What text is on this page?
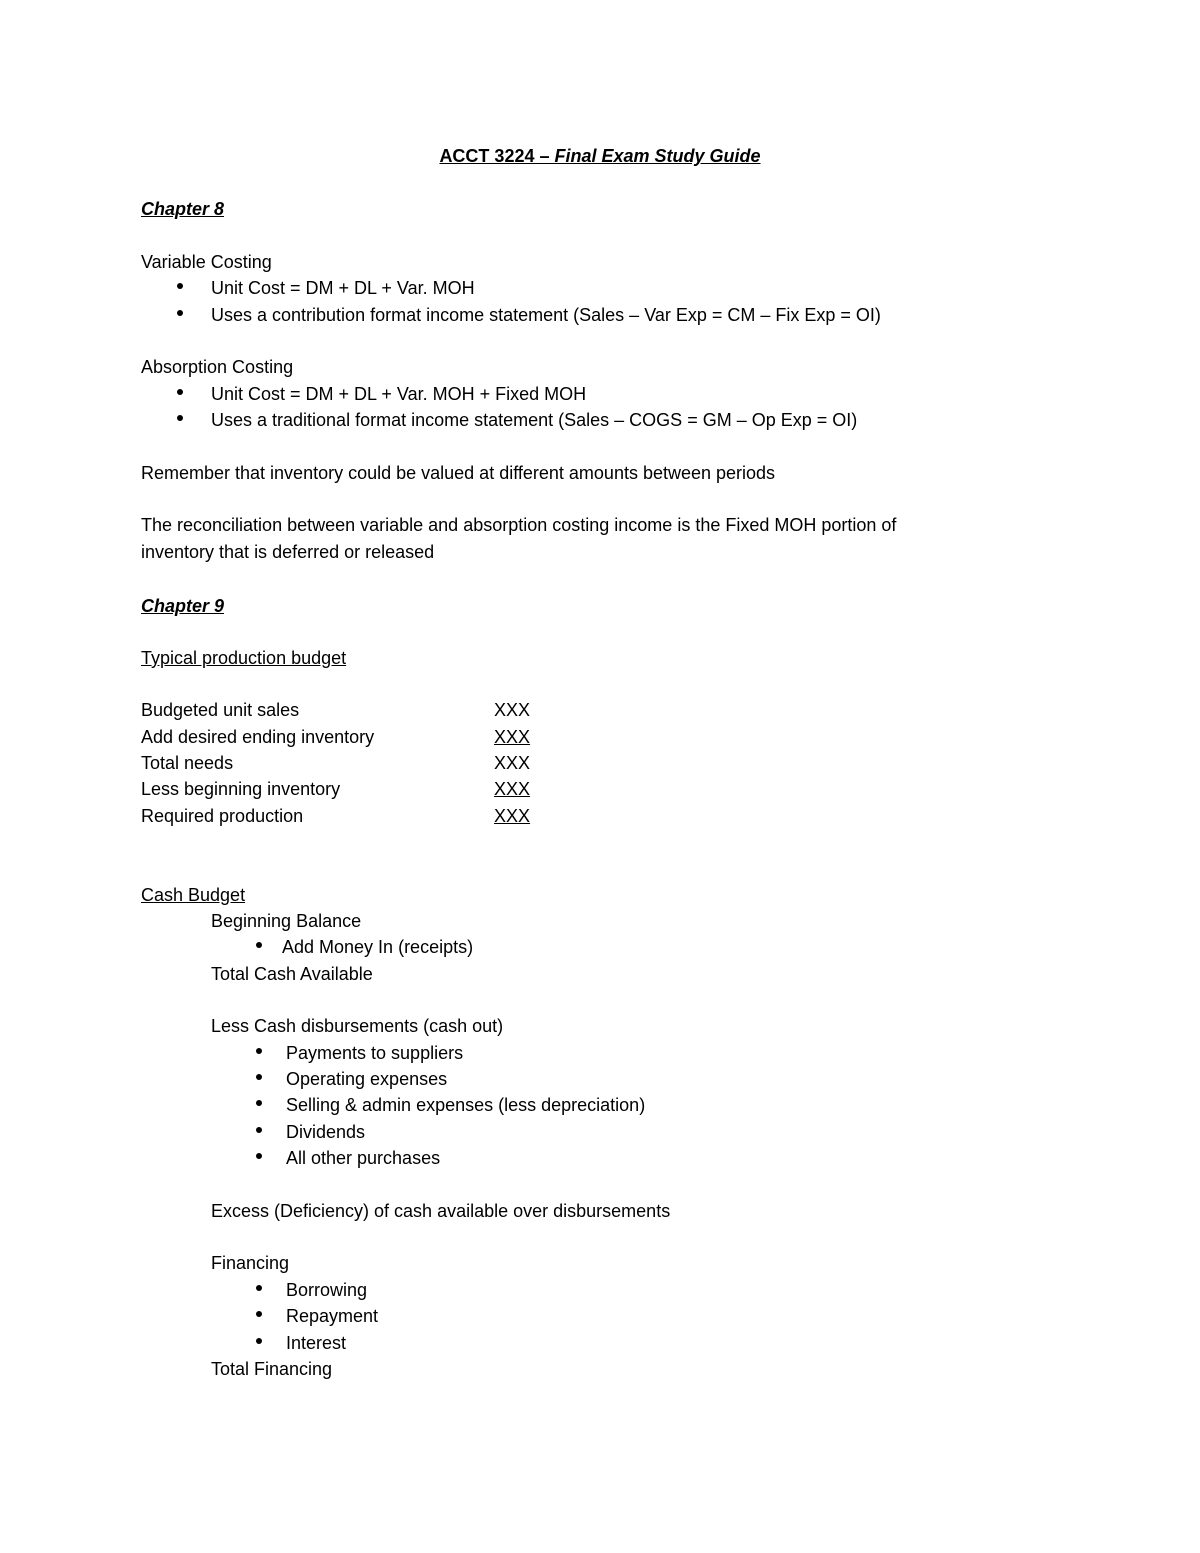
ACCT 3224 – Final Exam Study Guide
Chapter 8
Variable Costing
Unit Cost = DM + DL + Var. MOH
Uses a contribution format income statement (Sales – Var Exp = CM – Fix Exp = OI)
Absorption Costing
Unit Cost = DM + DL + Var. MOH + Fixed MOH
Uses a traditional format income statement (Sales – COGS = GM – Op Exp = OI)
Remember that inventory could be valued at different amounts between periods
The reconciliation between variable and absorption costing income is the Fixed MOH portion of
inventory that is deferred or released
Chapter 9
Typical production budget
Budgeted unit sales	XXX
Add desired ending inventory	XXX
Total needs	XXX
Less beginning inventory	XXX
Required production	XXX
Cash Budget
Beginning Balance
Add Money In (receipts)
Total Cash Available
Less Cash disbursements (cash out)
Payments to suppliers
Operating expenses
Selling & admin expenses (less depreciation)
Dividends
All other purchases
Excess (Deficiency) of cash available over disbursements
Financing
Borrowing
Repayment
Interest
Total Financing
